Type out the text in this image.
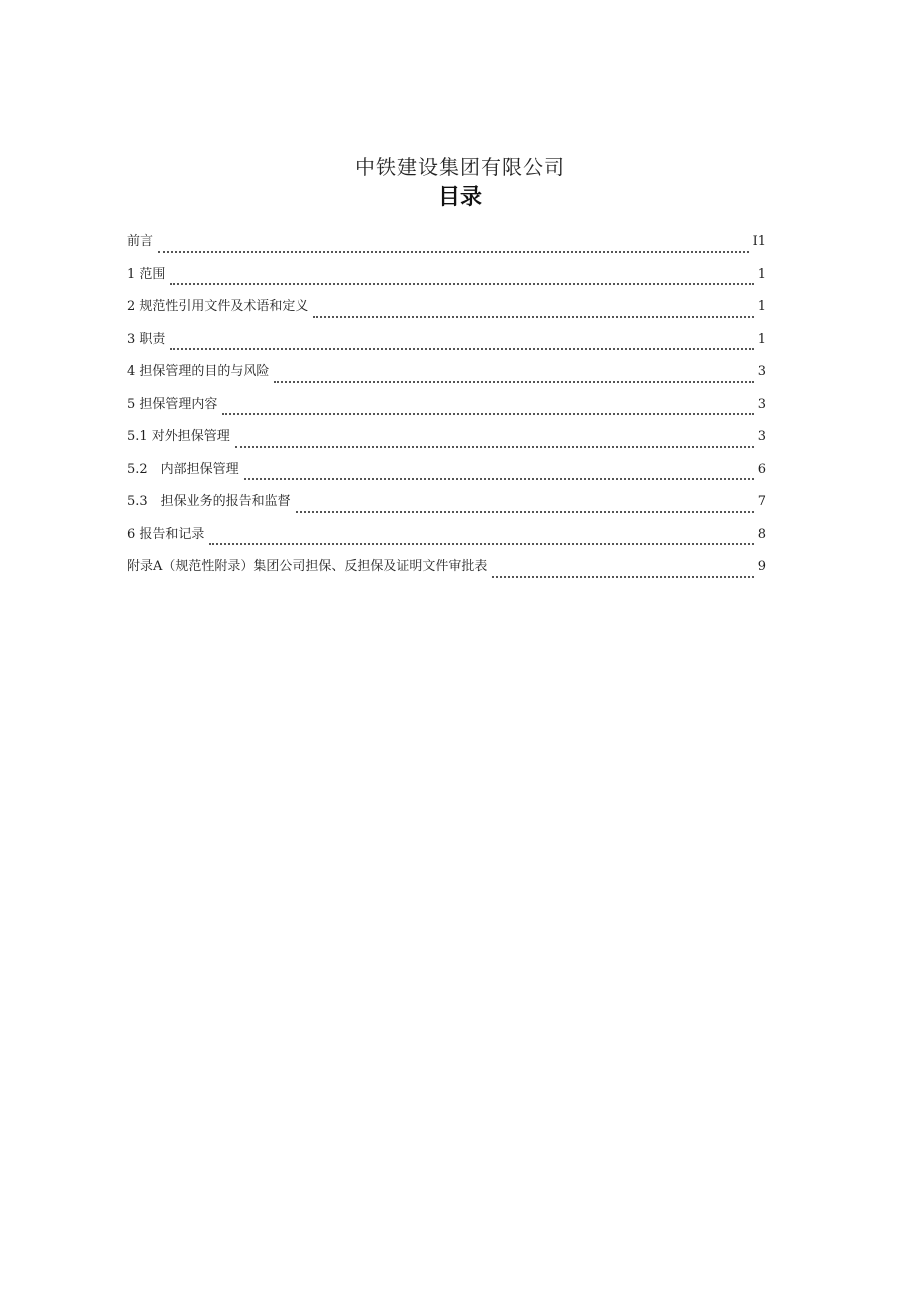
中铁建设集团有限公司
目录
前言	I1
1 范围	1
2 规范性引用文件及术语和定义	1
3 职责	1
4 担保管理的目的与风险	3
5 担保管理内容	3
5.1 对外担保管理	3
5.2　内部担保管理	6
5.3　担保业务的报告和监督	7
6 报告和记录	8
附录A（规范性附录）集团公司担保、反担保及证明文件审批表	9
